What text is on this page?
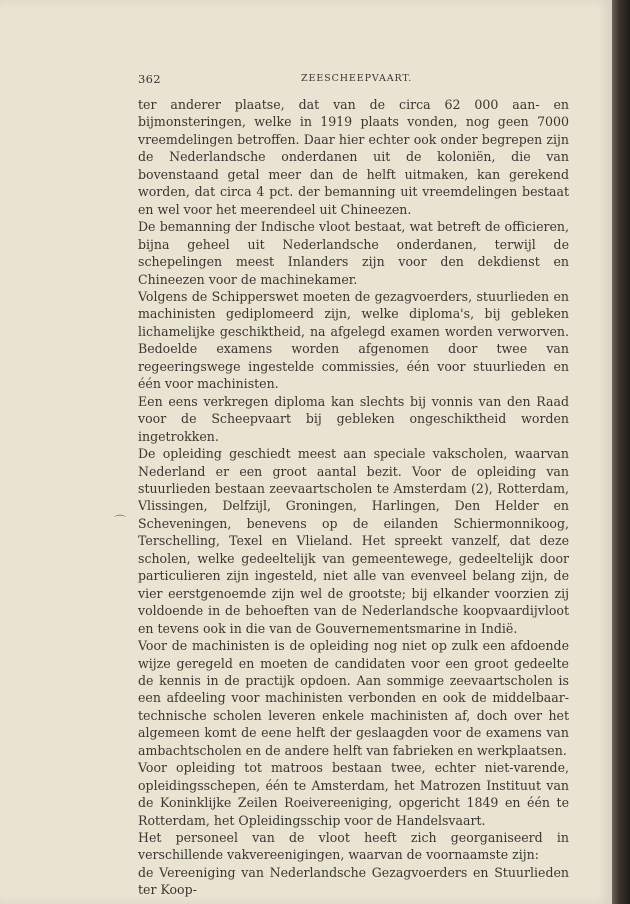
362	ZEESCHEEPVAART.
⌒

ter anderer plaatse, dat van de circa 62 000 aan- en bijmonsteringen, welke in 1919 plaats vonden, nog geen 7000 vreemdelingen betroffen. Daar hier echter ook onder begrepen zijn de Nederlandsche onderdanen uit de koloniën, die van bovenstaand getal meer dan de helft uitmaken, kan gerekend worden, dat circa 4 pct. der bemanning uit vreemdelingen bestaat en wel voor het meerendeel uit Chineezen.

De bemanning der Indische vloot bestaat, wat betreft de officieren, bijna geheel uit Nederlandsche onderdanen, terwijl de schepelingen meest Inlanders zijn voor den dekdienst en Chineezen voor de machinekamer.

Volgens de Schipperswet moeten de gezagvoerders, stuurlieden en machinisten gediplomeerd zijn, welke diploma's, bij gebleken lichamelijke geschiktheid, na afgelegd examen worden verworven. Bedoelde examens worden afgenomen door twee van regeeringswege ingestelde commissies, één voor stuurlieden en één voor machinisten.

Een eens verkregen diploma kan slechts bij vonnis van den Raad voor de Scheepvaart bij gebleken ongeschiktheid worden ingetrokken.

De opleiding geschiedt meest aan speciale vakscholen, waarvan Nederland er een groot aantal bezit. Voor de opleiding van stuurlieden bestaan zeevaartscholen te Amsterdam (2), Rotterdam, Vlissingen, Delfzijl, Groningen, Harlingen, Den Helder en Scheveningen, benevens op de eilanden Schiermonnikoog, Terschelling, Texel en Vlieland. Het spreekt vanzelf, dat deze scholen, welke gedeeltelijk van gemeentewege, gedeeltelijk door particulieren zijn ingesteld, niet alle van evenveel belang zijn, de vier eerstgenoemde zijn wel de grootste; bij elkander voorzien zij voldoende in de behoeften van de Nederlandsche koopvaardijvloot en tevens ook in die van de Gouvernementsmarine in Indië.

Voor de machinisten is de opleiding nog niet op zulk een afdoende wijze geregeld en moeten de candidaten voor een groot gedeelte de kennis in de practijk opdoen. Aan sommige zeevaartscholen is een afdeeling voor machinisten verbonden en ook de middelbaar-technische scholen leveren enkele machinisten af, doch over het algemeen komt de eene helft der geslaagden voor de examens van ambachtscholen en de andere helft van fabrieken en werkplaatsen.

Voor opleiding tot matroos bestaan twee, echter niet-varende, opleidingsschepen, één te Amsterdam, het Matrozen Instituut van de Koninklijke Zeilen Roeivereeniging, opgericht 1849 en één te Rotterdam, het Opleidingsschip voor de Handelsvaart.

Het personeel van de vloot heeft zich georganiseerd in verschillende vakvereenigingen, waarvan de voornaamste zijn:

de Vereeniging van Nederlandsche Gezagvoerders en Stuurlieden ter Koop-
